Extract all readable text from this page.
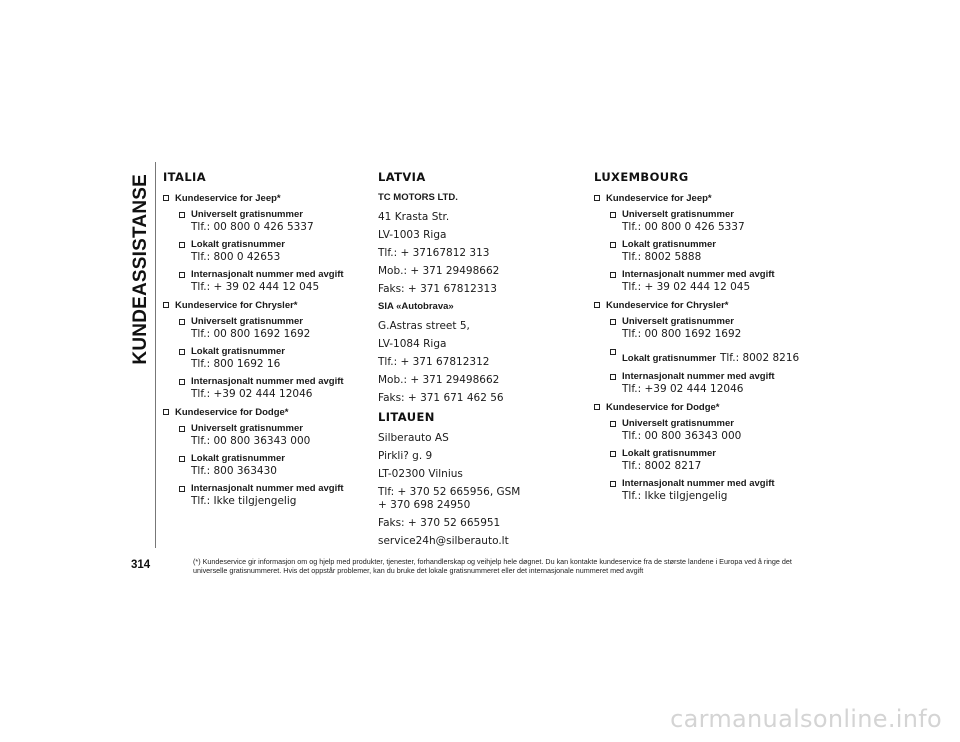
KUNDEASSISTANSE ITALIA
Kundeservice for Jeep*
Universelt gratisnummer
Tlf.: 00 800 0 426 5337
Lokalt gratisnummer
Tlf.: 800 0 42653
Internasjonalt nummer med avgift
Tlf.: + 39 02 444 12 045
Kundeservice for Chrysler*
Universelt gratisnummer
Tlf.: 00 800 1692 1692
Lokalt gratisnummer
Tlf.: 800 1692 16
Internasjonalt nummer med avgift
Tlf.: +39 02 444 12046
Kundeservice for Dodge*
Universelt gratisnummer
Tlf.: 00 800 36343 000
Lokalt gratisnummer
Tlf.: 800 363430
Internasjonalt nummer med avgift
Tlf.: Ikke tilgjengelig
LATVIA
TC MOTORS LTD.
41 Krasta Str.
LV-1003 Riga
Tlf.: + 37167812 313
Mob.: + 371 29498662
Faks: + 371 67812313
SIA «Autobrava»
G.Astras street 5,
LV-1084 Riga
Tlf.: + 371 67812312
Mob.: + 371 29498662
Faks: + 371 671 462 56
LITAUEN
Silberauto AS
Pirkli? g. 9
LT-02300 Vilnius
Tlf: + 370 52 665956, GSM
+ 370 698 24950
Faks: + 370 52 665951
service24h@silberauto.lt
LUXEMBOURG
Kundeservice for Jeep*
Universelt gratisnummer
Tlf.: 00 800 0 426 5337
Lokalt gratisnummer
Tlf.: 8002 5888
Internasjonalt nummer med avgift
Tlf.: + 39 02 444 12 045
Kundeservice for Chrysler*
Universelt gratisnummer
Tlf.: 00 800 1692 1692
Lokalt gratisnummer Tlf.: 8002 8216
Internasjonalt nummer med avgift
Tlf.: +39 02 444 12046
Kundeservice for Dodge*
Universelt gratisnummer
Tlf.: 00 800 36343 000
Lokalt gratisnummer
Tlf.: 8002 8217
Internasjonalt nummer med avgift
Tlf.: Ikke tilgjengelig
314	(*) Kundeservice gir informasjon om og hjelp med produkter, tjenester, forhandlerskap og veihjelp hele døgnet. Du kan kontakte kundeservice fra de største landene i Europa ved å ringe det universelle gratisnummeret. Hvis det oppstår problemer, kan du bruke det lokale gratisnummeret eller det internasjonale nummeret med avgift
carmanualsonline.info
